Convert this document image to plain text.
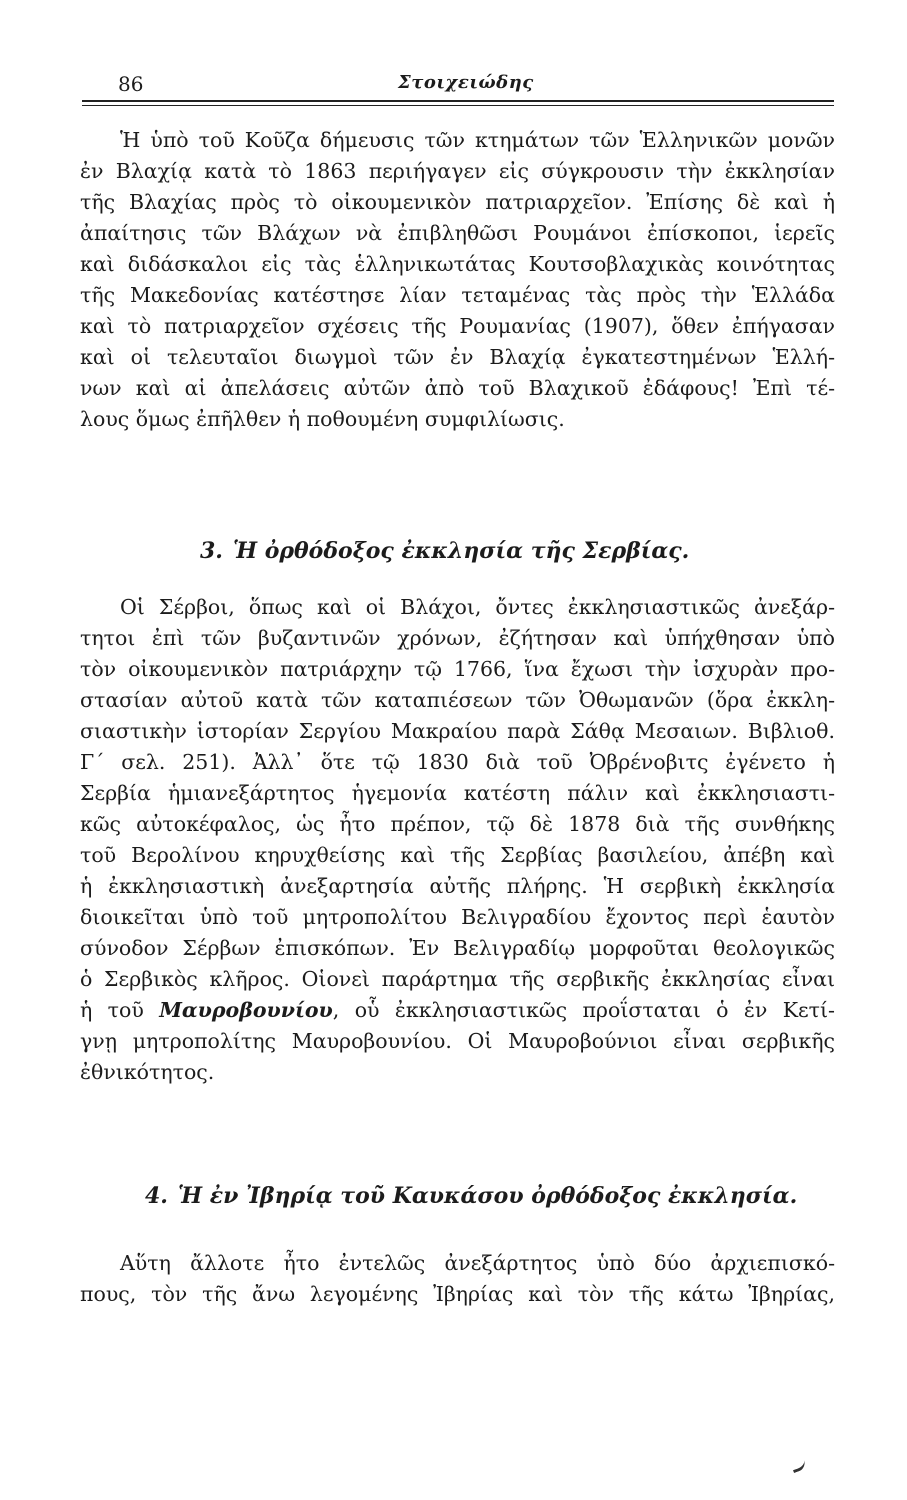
86	Στοιχειώδης
Ἡ ὑπὸ τοῦ Κοῦζα δήμευσις τῶν κτημάτων τῶν Ἑλληνικῶν μονῶν
ἐν Βλαχίᾳ κατὰ τὸ 1863 περιήγαγεν εἰς σύγκρουσιν τὴν ἐκκλησίαν
τῆς Βλαχίας πρὸς τὸ οἰκουμενικὸν πατριαρχεῖον. Ἐπίσης δὲ καὶ ἡ
ἀπαίτησις τῶν Βλάχων νὰ ἐπιβληθῶσι Ρουμάνοι ἐπίσκοποι, ἱερεῖς
καὶ διδάσκαλοι εἰς τὰς ἑλληνικωτάτας Κουτσοβλαχικὰς κοινότητας
τῆς Μακεδονίας κατέστησε λίαν τεταμένας τὰς πρὸς τὴν Ἑλλάδα
καὶ τὸ πατριαρχεῖον σχέσεις τῆς Ρουμανίας (1907), ὅθεν ἐπήγασαν
καὶ οἱ τελευταῖοι διωγμοὶ τῶν ἐν Βλαχίᾳ ἐγκατεστημένων Ἑλλή-
νων καὶ αἱ ἀπελάσεις αὐτῶν ἀπὸ τοῦ Βλαχικοῦ ἐδάφους! Ἐπὶ τέ-
λους ὅμως ἐπῆλθεν ἡ ποθουμένη συμφιλίωσις.
3. Ἡ ὀρθόδοξος ἐκκλησία τῆς Σερβίας.
Οἱ Σέρβοι, ὅπως καὶ οἱ Βλάχοι, ὄντες ἐκκλησιαστικῶς ἀνεξάρ-
τητοι ἐπὶ τῶν βυζαντινῶν χρόνων, ἐζήτησαν καὶ ὑπήχθησαν ὑπὸ
τὸν οἰκουμενικὸν πατριάρχην τῷ 1766, ἵνα ἔχωσι τὴν ἰσχυρὰν προ-
στασίαν αὐτοῦ κατὰ τῶν καταπιέσεων τῶν Ὀθωμανῶν (ὅρα ἐκκλη-
σιαστικὴν ἱστορίαν Σεργίου Μακραίου παρὰ Σάθᾳ Μεσαιων. Βιβλιοθ.
Γ΄ σελ. 251). Ἀλλ᾽ ὅτε τῷ 1830 διὰ τοῦ Ὀβρένοβιτς ἐγένετο ἡ
Σερβία ἡμιανεξάρτητος ἡγεμονία κατέστη πάλιν καὶ ἐκκλησιαστι-
κῶς αὐτοκέφαλος, ὡς ἦτο πρέπον, τῷ δὲ 1878 διὰ τῆς συνθήκης
τοῦ Βερολίνου κηρυχθείσης καὶ τῆς Σερβίας βασιλείου, ἀπέβη καὶ
ἡ ἐκκλησιαστικὴ ἀνεξαρτησία αὐτῆς πλήρης. Ἡ σερβικὴ ἐκκλησία
διοικεῖται ὑπὸ τοῦ μητροπολίτου Βελιγραδίου ἔχοντος περὶ ἑαυτὸν
σύνοδον Σέρβων ἐπισκόπων. Ἐν Βελιγραδίῳ μορφοῦται θεολογικῶς
ὁ Σερβικὸς κλῆρος. Οἱονεὶ παράρτημα τῆς σερβικῆς ἐκκλησίας εἶναι
ἡ τοῦ Μαυροβουνίου, οὗ ἐκκλησιαστικῶς προΐσταται ὁ ἐν Κετί-
γνῃ μητροπολίτης Μαυροβουνίου. Οἱ Μαυροβούνιοι εἶναι σερβικῆς
ἐθνικότητος.
4. Ἡ ἐν Ἰβηρίᾳ τοῦ Καυκάσου ὀρθόδοξος ἐκκλησία.
Αὕτη ἄλλοτε ἦτο ἐντελῶς ἀνεξάρτητος ὑπὸ δύο ἀρχιεπισκό-
πους, τὸν τῆς ἄνω λεγομένης Ἰβηρίας καὶ τὸν τῆς κάτω Ἰβηρίας,
